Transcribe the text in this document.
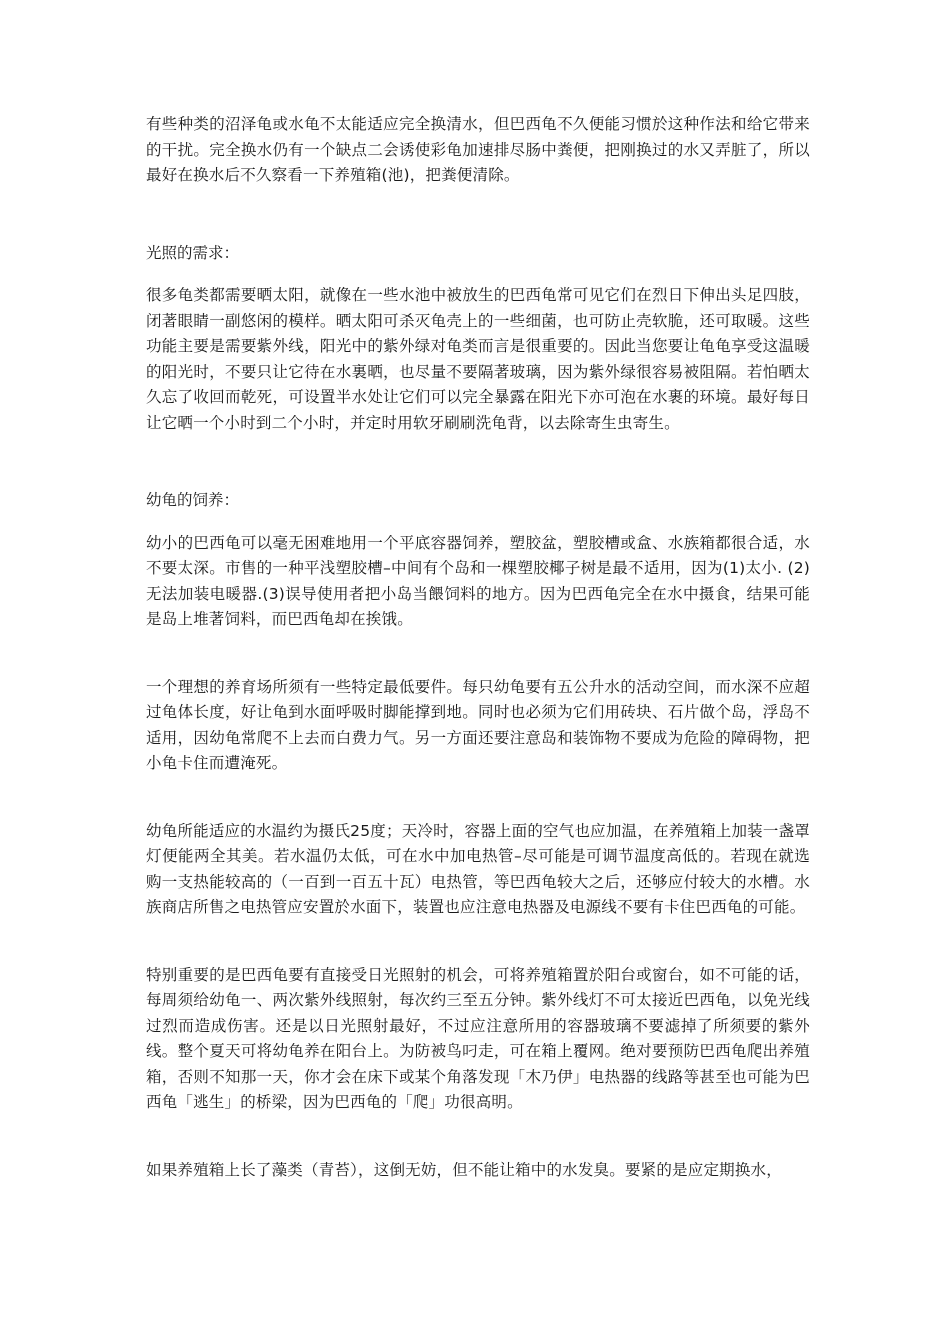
有些种类的沼泽龟或水龟不太能适应完全换清水，但巴西龟不久便能习惯於这种作法和给它带来的干扰。完全换水仍有一个缺点二会诱使彩龟加速排尽肠中粪便，把刚换过的水又弄脏了，所以最好在换水后不久察看一下养殖箱(池)，把粪便清除。

光照的需求：

很多龟类都需要晒太阳，就像在一些水池中被放生的巴西龟常可见它们在烈日下伸出头足四肢，闭著眼睛一副悠闲的模样。晒太阳可杀灭龟壳上的一些细菌，也可防止壳软脆，还可取暖。这些功能主要是需要紫外线，阳光中的紫外绿对龟类而言是很重要的。因此当您要让龟龟享受这温暖的阳光时，不要只让它待在水裏晒，也尽量不要隔著玻璃，因为紫外绿很容易被阻隔。若怕晒太久忘了收回而乾死，可设置半水处让它们可以完全暴露在阳光下亦可泡在水裹的环境。最好每日让它晒一个小时到二个小时，并定时用软牙刷刷洗龟背，以去除寄生虫寄生。

幼龟的饲养：

幼小的巴西龟可以毫无困难地用一个平底容器饲养，塑胶盆，塑胶槽或盒、水族箱都很合适，水不要太深。市售的一种平浅塑胶槽–中间有个岛和一棵塑胶椰子树是最不适用，因为(1)太小. (2)无法加装电暖器.(3)误导使用者把小岛当餵饲料的地方。因为巴西龟完全在水中摄食，结果可能是岛上堆著饲料，而巴西龟却在挨饿。

一个理想的养育场所须有一些特定最低要件。每只幼龟要有五公升水的活动空间，而水深不应超过龟体长度，好让龟到水面呼吸时脚能撑到地。同时也必须为它们用砖块、石片做个岛，浮岛不适用，因幼龟常爬不上去而白费力气。另一方面还要注意岛和装饰物不要成为危险的障碍物，把小龟卡住而遭淹死。

幼龟所能适应的水温约为摄氏25度；天冷时，容器上面的空气也应加温，在养殖箱上加装一盏罩灯便能两全其美。若水温仍太低，可在水中加电热管–尽可能是可调节温度高低的。若现在就选购一支热能较高的（一百到一百五十瓦）电热管，等巴西龟较大之后，还够应付较大的水槽。水族商店所售之电热管应安置於水面下，装置也应注意电热器及电源线不要有卡住巴西龟的可能。

特别重要的是巴西龟要有直接受日光照射的机会，可将养殖箱置於阳台或窗台，如不可能的话，每周须给幼龟一、两次紫外线照射，每次约三至五分钟。紫外线灯不可太接近巴西龟，以免光线过烈而造成伤害。还是以日光照射最好，不过应注意所用的容器玻璃不要滤掉了所须要的紫外线。整个夏天可将幼龟养在阳台上。为防被鸟叼走，可在箱上覆网。绝对要预防巴西龟爬出养殖箱，否则不知那一天，你才会在床下或某个角落发现「木乃伊」电热器的线路等甚至也可能为巴西龟「逃生」的桥梁，因为巴西龟的「爬」功很高明。

如果养殖箱上长了藻类（青苔），这倒无妨，但不能让箱中的水发臭。要紧的是应定期换水，
